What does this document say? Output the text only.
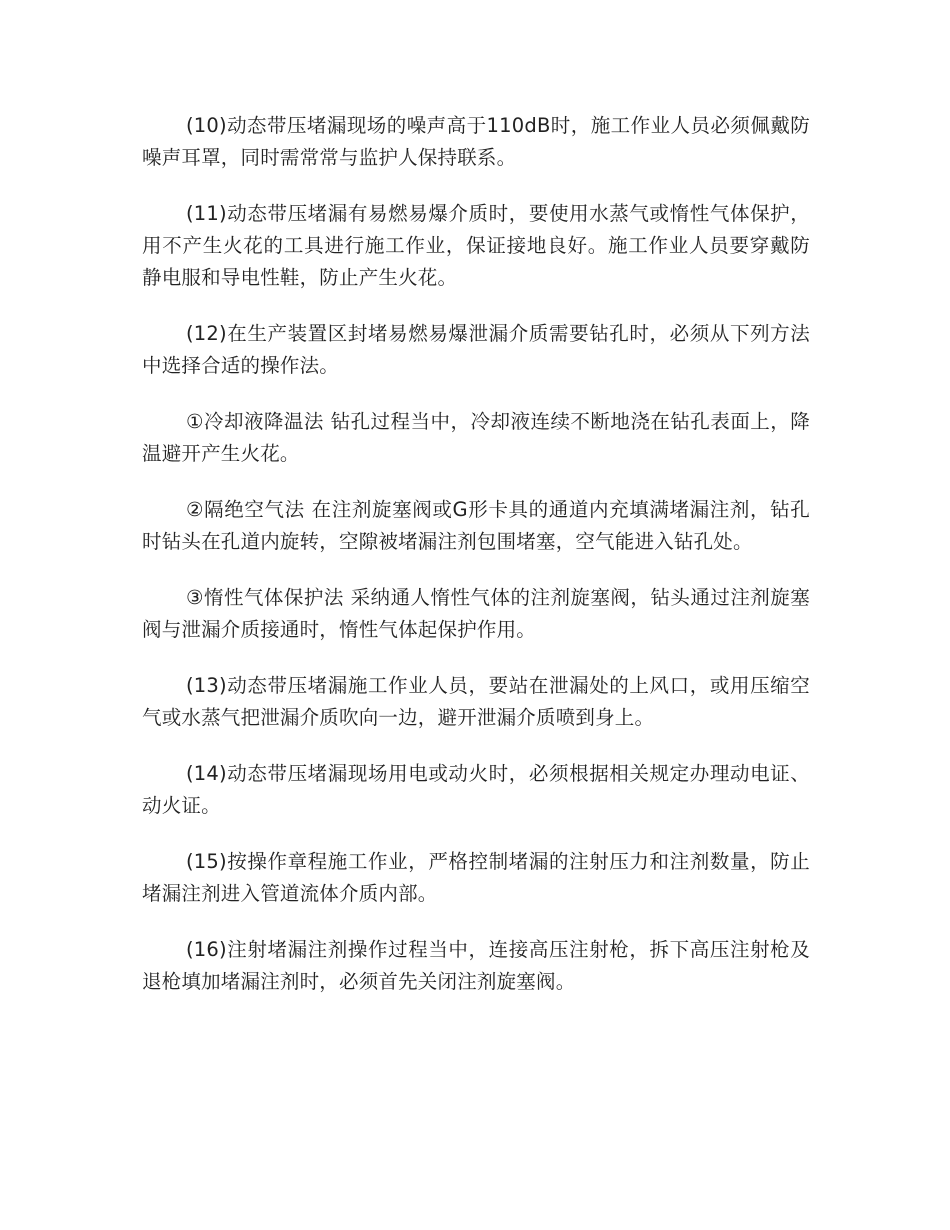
(10)动态带压堵漏现场的噪声高于110dB时，施工作业人员必须佩戴防噪声耳罩，同时需常常与监护人保持联系。

(11)动态带压堵漏有易燃易爆介质时，要使用水蒸气或惰性气体保护，用不产生火花的工具进行施工作业，保证接地良好。施工作业人员要穿戴防静电服和导电性鞋，防止产生火花。

(12)在生产装置区封堵易燃易爆泄漏介质需要钻孔时，必须从下列方法中选择合适的操作法。

①冷却液降温法 钻孔过程当中，冷却液连续不断地浇在钻孔表面上，降温避开产生火花。

②隔绝空气法 在注剂旋塞阀或G形卡具的通道内充填满堵漏注剂，钻孔时钻头在孔道内旋转，空隙被堵漏注剂包围堵塞，空气能进入钻孔处。

③惰性气体保护法 采纳通人惰性气体的注剂旋塞阀，钻头通过注剂旋塞阀与泄漏介质接通时，惰性气体起保护作用。

(13)动态带压堵漏施工作业人员，要站在泄漏处的上风口，或用压缩空气或水蒸气把泄漏介质吹向一边，避开泄漏介质喷到身上。

(14)动态带压堵漏现场用电或动火时，必须根据相关规定办理动电证、动火证。

(15)按操作章程施工作业，严格控制堵漏的注射压力和注剂数量，防止堵漏注剂进入管道流体介质内部。

(16)注射堵漏注剂操作过程当中，连接高压注射枪，拆下高压注射枪及退枪填加堵漏注剂时，必须首先关闭注剂旋塞阀。
